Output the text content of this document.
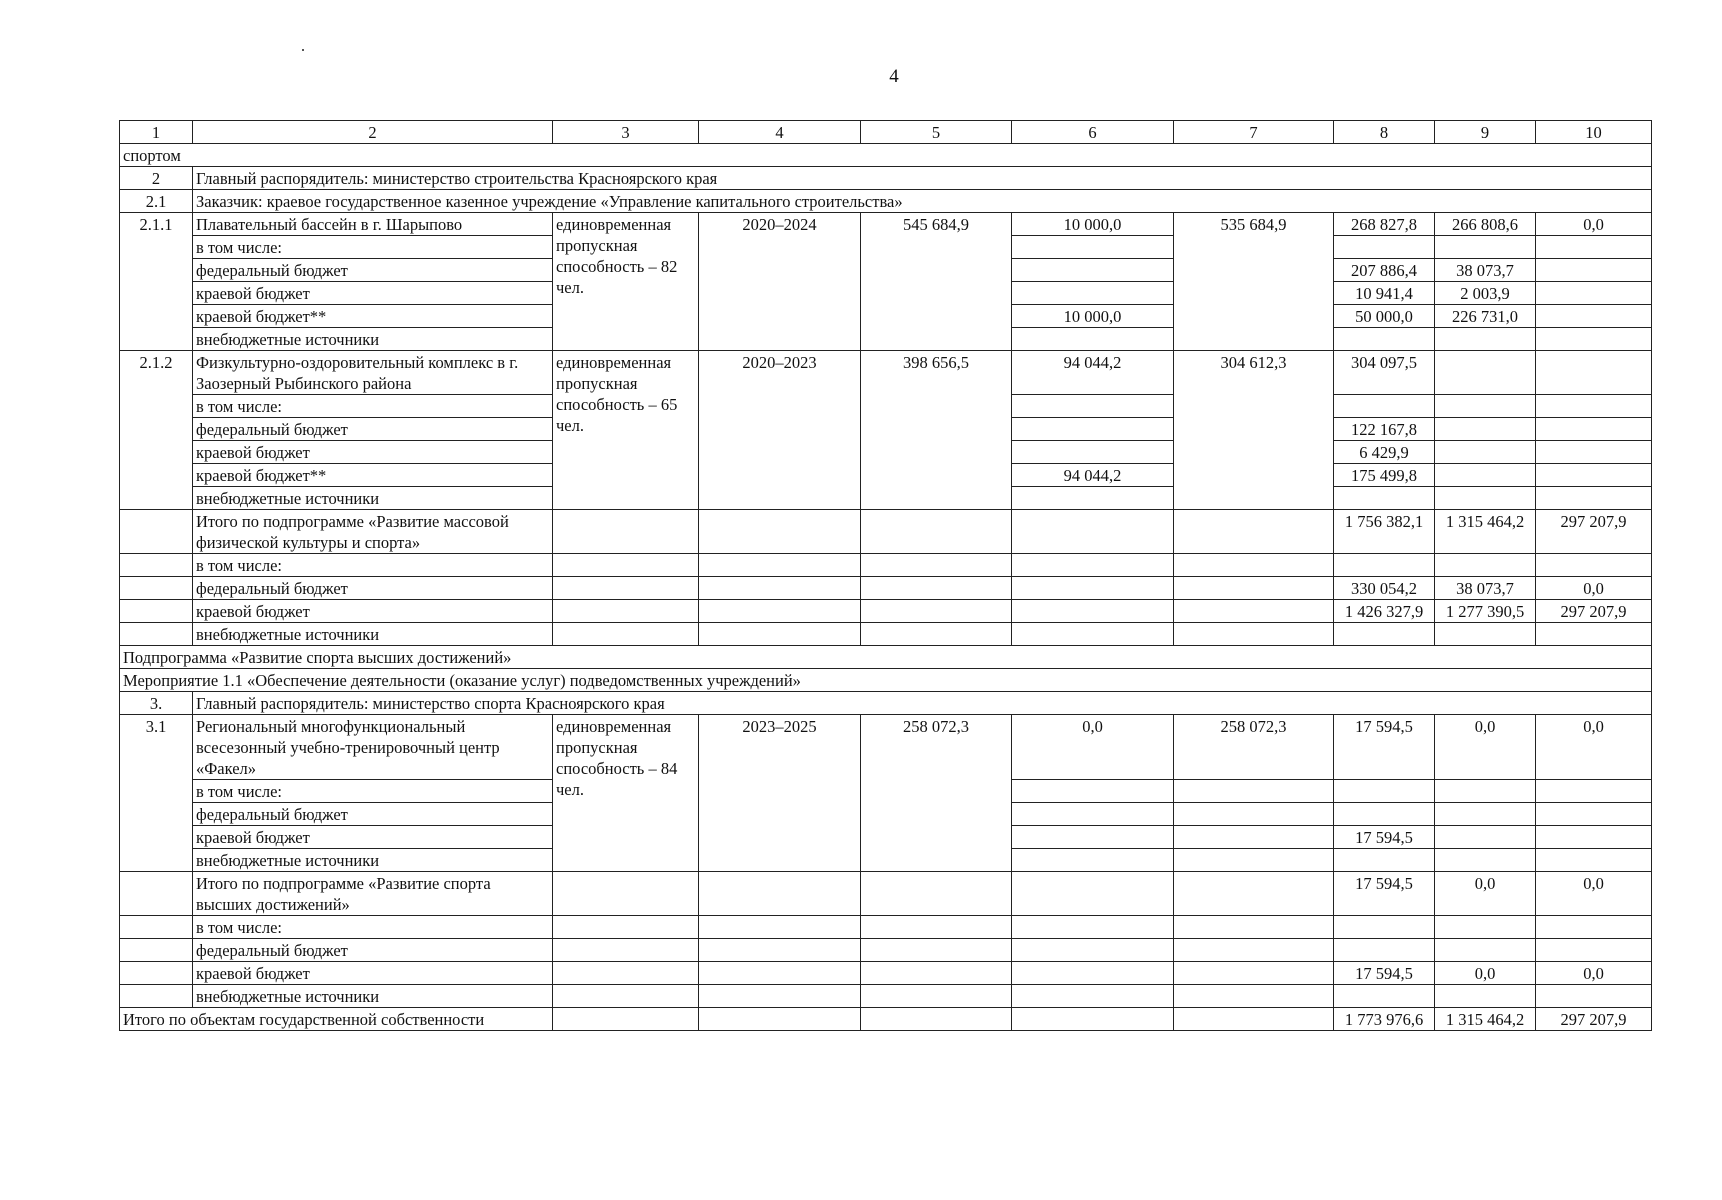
4
1	2	3	4	5	6	7	8	9	10
спортом									
2	Главный распорядитель: министерство строительства Красноярского края								
2.1	Заказчик: краевое государственное казенное учреждение «Управление капитального строительства»								
2.1.1	Плавательный бассейн в г. Шарыпово	единовременная пропускная способность – 82 чел.	2020–2024	545 684,9	10 000,0	535 684,9	268 827,8	266 808,6	0,0
	в том числе:								
	федеральный бюджет						207 886,4	38 073,7	
	краевой бюджет						10 941,4	2 003,9	
	краевой бюджет**				10 000,0		50 000,0	226 731,0	
	внебюджетные источники								
2.1.2	Физкультурно-оздоровительный комплекс в г. Заозерный Рыбинского района	единовременная пропускная способность – 65 чел.	2020–2023	398 656,5	94 044,2	304 612,3	304 097,5		
	в том числе:								
	федеральный бюджет						122 167,8		
	краевой бюджет						6 429,9		
	краевой бюджет**				94 044,2		175 499,8		
	внебюджетные источники								
	Итого по подпрограмме «Развитие массовой физической культуры и спорта»						1 756 382,1	1 315 464,2	297 207,9
	в том числе:								
	федеральный бюджет						330 054,2	38 073,7	0,0
	краевой бюджет						1 426 327,9	1 277 390,5	297 207,9
	внебюджетные источники								
Подпрограмма «Развитие спорта высших достижений»									
Мероприятие 1.1 «Обеспечение деятельности (оказание услуг) подведомственных учреждений»									
3.	Главный распорядитель: министерство спорта Красноярского края								
3.1	Региональный многофункциональный всесезонный учебно-тренировочный центр «Факел»	единовременная пропускная способность – 84 чел.	2023–2025	258 072,3	0,0	258 072,3	17 594,5	0,0	0,0
	в том числе:								
	федеральный бюджет								
	краевой бюджет						17 594,5		
	внебюджетные источники								
	Итого по подпрограмме «Развитие спорта высших достижений»						17 594,5	0,0	0,0
	в том числе:								
	федеральный бюджет								
	краевой бюджет						17 594,5	0,0	0,0
	внебюджетные источники								
Итого по объектам государственной собственности							1 773 976,6	1 315 464,2	297 207,9
